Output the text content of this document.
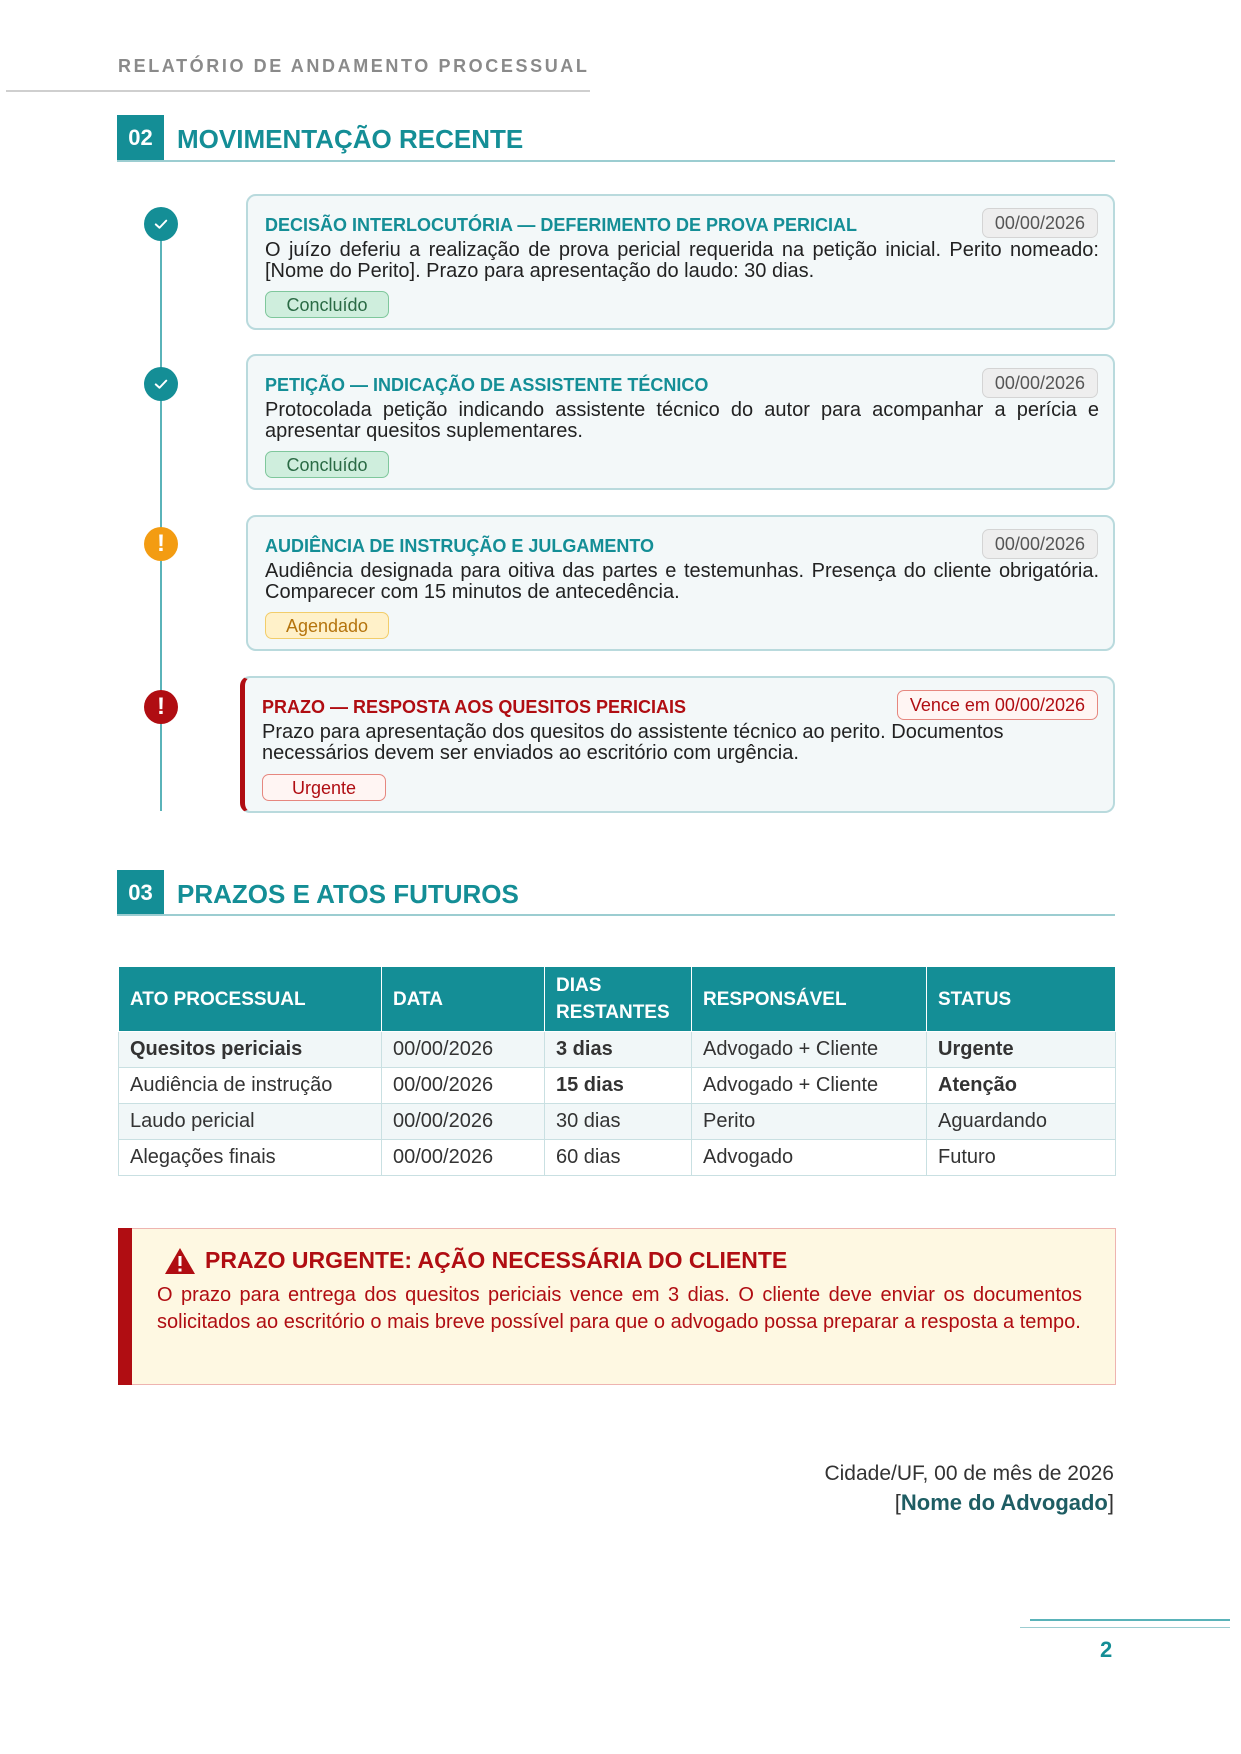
RELATÓRIO DE ANDAMENTO PROCESSUAL
02 MOVIMENTAÇÃO RECENTE
!
!
DECISÃO INTERLOCUTÓRIA — DEFERIMENTO DE PROVA PERICIAL	00/00/2026
O juízo deferiu a realização de prova pericial requerida na petição inicial. Perito nomeado: [Nome do Perito]. Prazo para apresentação do laudo: 30 dias.
Concluído
PETIÇÃO — INDICAÇÃO DE ASSISTENTE TÉCNICO	00/00/2026
Protocolada petição indicando assistente técnico do autor para acompanhar a perícia e apresentar quesitos suplementares.
Concluído
AUDIÊNCIA DE INSTRUÇÃO E JULGAMENTO	00/00/2026
Audiência designada para oitiva das partes e testemunhas. Presença do cliente obrigatória. Comparecer com 15 minutos de antecedência.
Agendado
PRAZO — RESPOSTA AOS QUESITOS PERICIAIS	Vence em 00/00/2026
Prazo para apresentação dos quesitos do assistente técnico ao perito. Documentos necessários devem ser enviados ao escritório com urgência.
Urgente
03 PRAZOS E ATOS FUTUROS
ATO PROCESSUAL	DATA	DIAS RESTANTES	RESPONSÁVEL	STATUS
Quesitos periciais	00/00/2026	3 dias	Advogado + Cliente	Urgente
Audiência de instrução	00/00/2026	15 dias	Advogado + Cliente	Atenção
Laudo pericial	00/00/2026	30 dias	Perito	Aguardando
Alegações finais	00/00/2026	60 dias	Advogado	Futuro
PRAZO URGENTE: AÇÃO NECESSÁRIA DO CLIENTE
O prazo para entrega dos quesitos periciais vence em 3 dias. O cliente deve enviar os documentos solicitados ao escritório o mais breve possível para que o advogado possa preparar a resposta a tempo.
Cidade/UF, 00 de mês de 2026
[Nome do Advogado]
2
